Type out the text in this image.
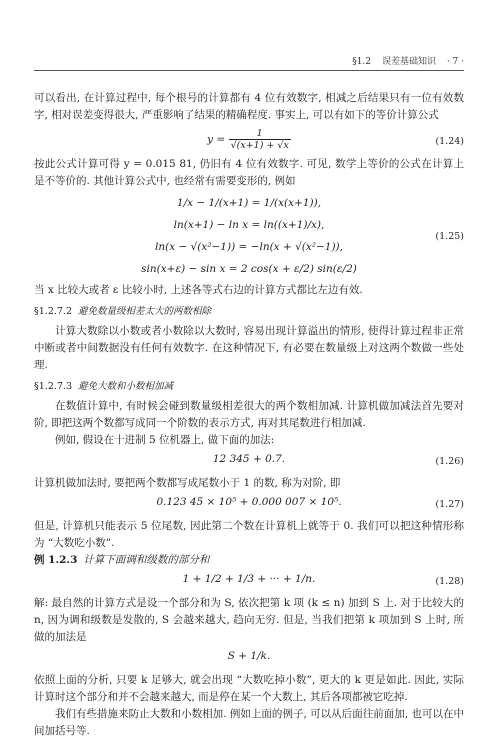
§1.2 误差基础知识 · 7 ·

可以看出, 在计算过程中, 每个根号的计算都有 4 位有效数字, 相减之后结果只有一位有效数字, 相对误差变得很大, 严重影响了结果的精确程度. 事实上, 可以有如下的等价计算公式

$y = \frac{1}{√(x+1) + √x}$	(1.24)

按此公式计算可得 y = 0.015 81, 仍旧有 4 位有效数字. 可见, 数学上等价的公式在计算上是不等价的. 其他计算公式中, 也经常有需要变形的, 例如

1/x − 1/(x+1) = 1/(x(x+1)),
ln(x+1) − ln x = ln((x+1)/x),
ln(x − √(x²−1)) = −ln(x + √(x²−1)),
sin(x+ε) − sin x = 2 cos(x + ε/2) sin(ε/2)
(1.25)

当 x 比较大或者 ε 比较小时, 上述各等式右边的计算方式都比左边有效.

§1.2.7.2 避免数量级相差太大的两数相除

计算大数除以小数或者小数除以大数时, 容易出现计算溢出的情形, 使得计算过程非正常中断或者中间数据没有任何有效数字. 在这种情况下, 有必要在数量级上对这两个数做一些处理.

§1.2.7.3 避免大数和小数相加减

在数值计算中, 有时候会碰到数量级相差很大的两个数相加减. 计算机做加减法首先要对阶, 即把这两个数都写成同一个阶数的表示方式, 再对其尾数进行相加减.

例如, 假设在十进制 5 位机器上, 做下面的加法:

12 345 + 0.7.	(1.26)

计算机做加法时, 要把两个数都写成尾数小于 1 的数, 称为对阶, 即

0.123 45 × 10⁵ + 0.000 007 × 10⁵.	(1.27)

但是, 计算机只能表示 5 位尾数, 因此第二个数在计算机上就等于 0. 我们可以把这种情形称为 “大数吃小数”.

例 1.2.3 计算下面调和级数的部分和

1 + 1/2 + 1/3 + ··· + 1/n.	(1.28)

解: 最自然的计算方式是设一个部分和为 S, 依次把第 k 项 (k ≤ n) 加到 S 上. 对于比较大的 n, 因为调和级数是发散的, S 会越来越大, 趋向无穷. 但是, 当我们把第 k 项加到 S 上时, 所做的加法是

S + 1/k.

依照上面的分析, 只要 k 足够大, 就会出现 “大数吃掉小数”, 更大的 k 更是如此. 因此, 实际计算时这个部分和并不会越来越大, 而是停在某一个大数上, 其后各项都被它吃掉.

我们有些措施来防止大数和小数相加. 例如上面的例子, 可以从后面往前面加, 也可以在中间加括号等.
